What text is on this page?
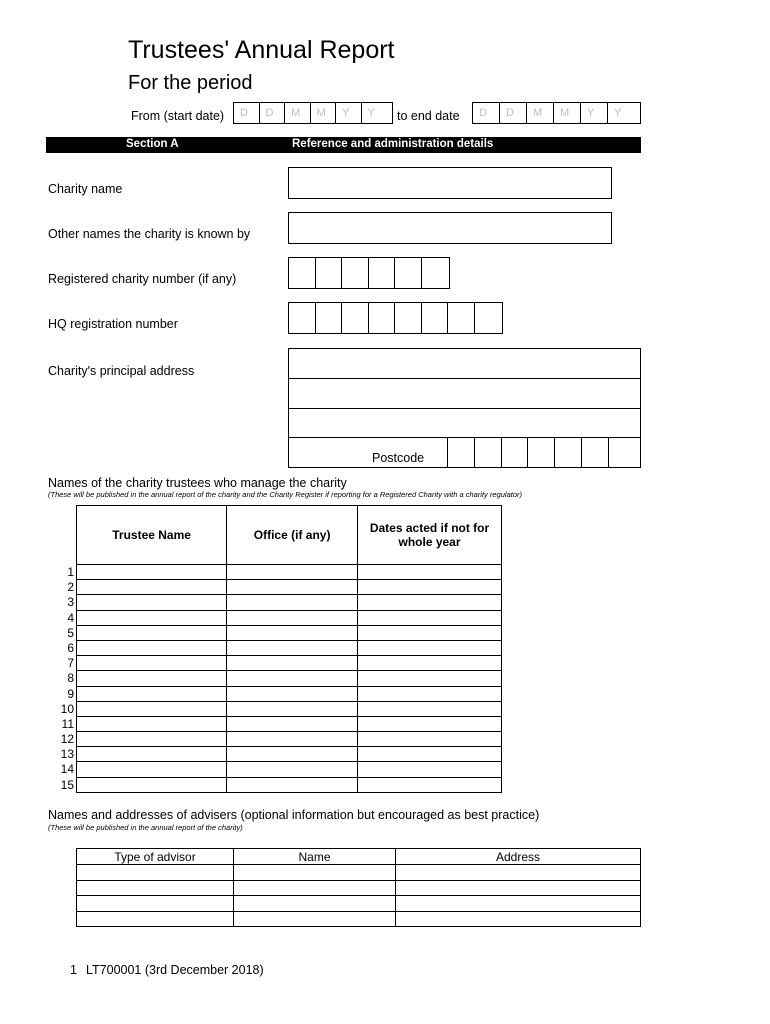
Trustees' Annual Report
For the period
From (start date)	D	D	M	M	Y	Y	to end date	D	D	M	M	Y	Y
Section A	Reference and administration details
Charity name
Other names the charity is known by
Registered charity number (if any)
HQ registration number
Charity's principal address
Postcode
Names of the charity trustees who manage the charity
(These will be published in the annual report of the charity and the Charity Register if reporting for a Registered Charity with a charity regulator)
Trustee Name	Office (if any)	Dates acted if not for whole year

1
2
3
4
5
6
7
8
9
10
11
12
13
14
15
Names and addresses of advisers (optional information but encouraged as best practice)
(These will be published in the annual report of the charity)
Type of advisor	Name	Address

1 LT700001 (3rd December 2018)
